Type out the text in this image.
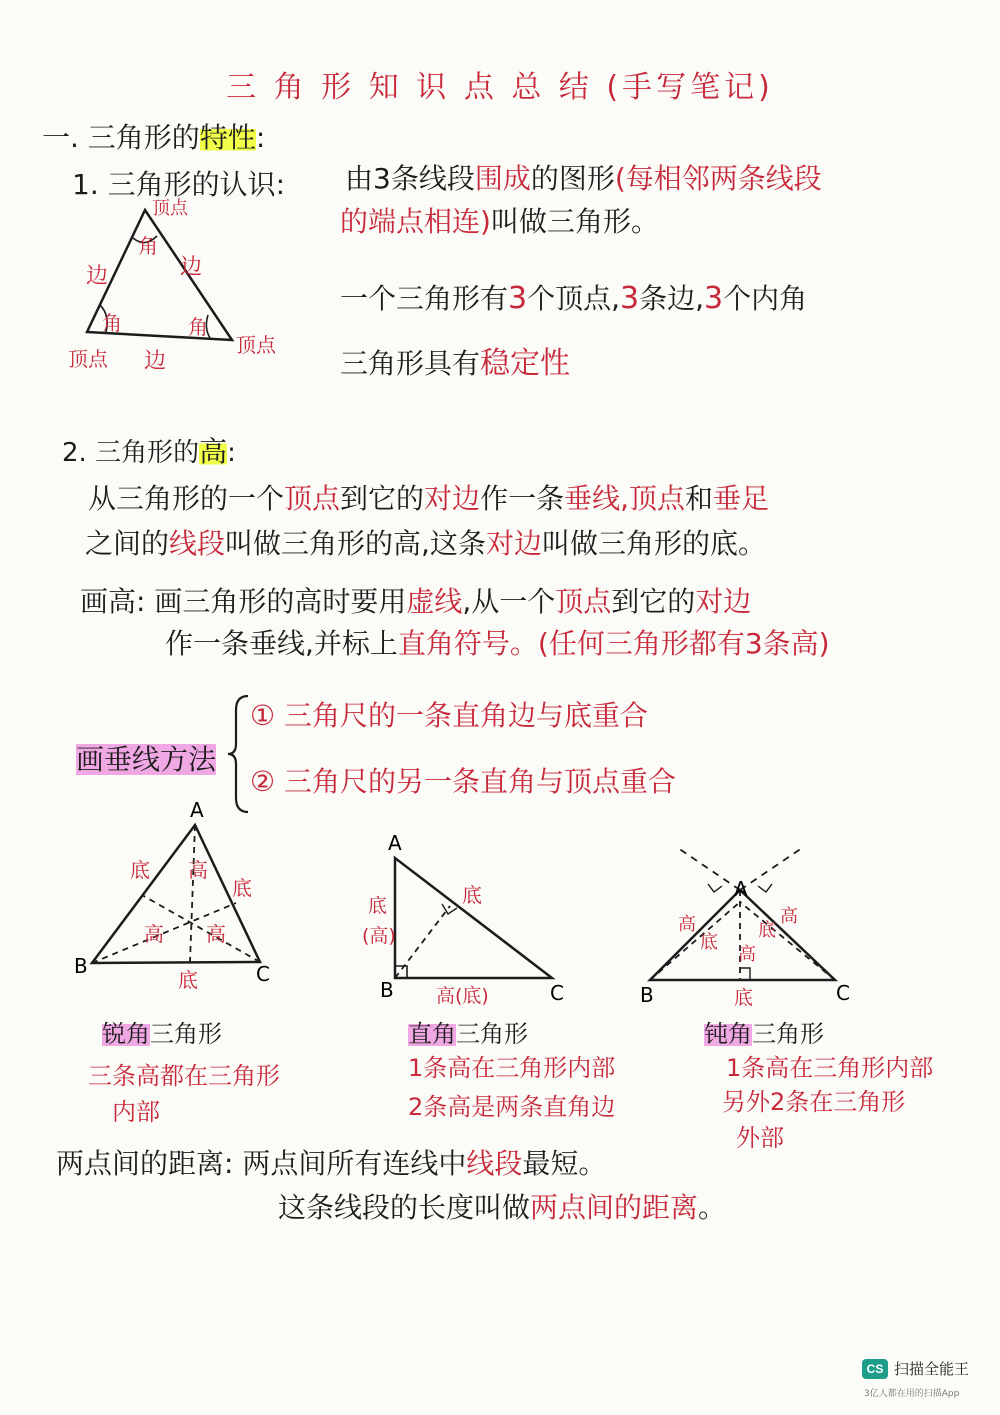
三 角 形 知 识 点 总 结 (手写笔记)
一. 三角形的特性:
1. 三角形的认识: 由3条线段围成的图形(每相邻两条线段
的端点相连)叫做三角形。
顶点
角
边	边
角	角
顶点 边
顶点
一个三角形有3个顶点,3条边,3个内角
三角形具有稳定性
2. 三角形的高:
从三角形的一个顶点到它的对边作一条垂线,顶点和垂足
之间的线段叫做三角形的高,这条对边叫做三角形的底。
画高: 画三角形的高时要用虚线,从一个顶点到它的对边
作一条垂线,并标上直角符号。(任何三角形都有3条高)
画垂线方法
① 三角尺的一条直角边与底重合
② 三角尺的另一条直角与顶点重合
A
B	C
底
底
底
高
高 高
A
B	C
底
(高)
底
高(底)
A
B	C
高
底
高
底
高
底
锐角三角形
三条高都在三角形
内部
直角三角形
1条高在三角形内部
2条高是两条直角边
钝角三角形
1条高在三角形内部
另外2条在三角形
外部
两点间的距离: 两点间所有连线中线段最短。
这条线段的长度叫做两点间的距离。
CS 扫描全能王
3亿人都在用的扫描App
